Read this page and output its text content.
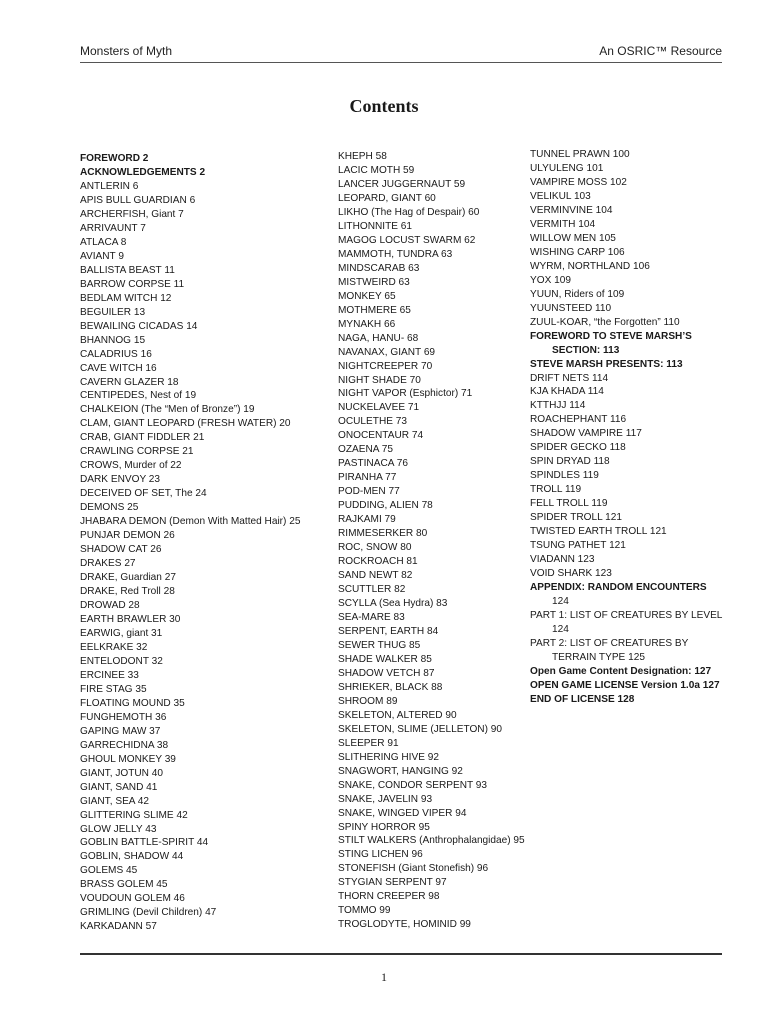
Monsters of Myth	An OSRIC™ Resource
Contents
FOREWORD 2
ACKNOWLEDGEMENTS 2
ANTLERIN 6
APIS BULL GUARDIAN 6
ARCHERFISH, Giant 7
ARRIVAUNT 7
ATLACA 8
AVIANT 9
BALLISTA BEAST 11
BARROW CORPSE 11
BEDLAM WITCH 12
BEGUILER 13
BEWAILING CICADAS 14
BHANNOG 15
CALADRIUS 16
CAVE WITCH 16
CAVERN GLAZER 18
CENTIPEDES, Nest of 19
CHALKEION (The “Men of Bronze”) 19
CLAM, GIANT LEOPARD (FRESH WATER) 20
CRAB, GIANT FIDDLER 21
CRAWLING CORPSE 21
CROWS, Murder of 22
DARK ENVOY 23
DECEIVED OF SET, The 24
DEMONS 25
JHABARA DEMON (Demon With Matted Hair) 25
PUNJAR DEMON 26
SHADOW CAT 26
DRAKES 27
DRAKE, Guardian 27
DRAKE, Red Troll 28
DROWAD 28
EARTH BRAWLER 30
EARWIG, giant 31
EELKRAKE 32
ENTELODONT 32
ERCINEE 33
FIRE STAG 35
FLOATING MOUND 35
FUNGHEMOTH 36
GAPING MAW 37
GARRECHIDNA 38
GHOUL MONKEY 39
GIANT, JOTUN 40
GIANT, SAND 41
GIANT, SEA 42
GLITTERING SLIME 42
GLOW JELLY 43
GOBLIN BATTLE-SPIRIT 44
GOBLIN, SHADOW 44
GOLEMS 45
BRASS GOLEM 45
VOUDOUN GOLEM 46
GRIMLING (Devil Children) 47
KARKADANN 57
KHEPH 58
LACIC MOTH 59
LANCER JUGGERNAUT 59
LEOPARD, GIANT 60
LIKHO (The Hag of Despair) 60
LITHONNITE 61
MAGOG LOCUST SWARM 62
MAMMOTH, TUNDRA 63
MINDSCARAB 63
MISTWEIRD 63
MONKEY 65
MOTHMERE 65
MYNAKH 66
NAGA, HANU- 68
NAVANAX, GIANT 69
NIGHTCREEPER 70
NIGHT SHADE 70
NIGHT VAPOR (Esphictor) 71
NUCKELAVEE 71
OCULETHE 73
ONOCENTAUR 74
OZAENA 75
PASTINACA 76
PIRANHA 77
POD-MEN 77
PUDDING, ALIEN 78
RAJKAMI 79
RIMMESERKER 80
ROC, SNOW 80
ROCKROACH 81
SAND NEWT 82
SCUTTLER 82
SCYLLA (Sea Hydra) 83
SEA-MARE 83
SERPENT, EARTH 84
SEWER THUG 85
SHADE WALKER 85
SHADOW VETCH 87
SHRIEKER, BLACK 88
SHROOM 89
SKELETON, ALTERED 90
SKELETON, SLIME (JELLETON) 90
SLEEPER 91
SLITHERING HIVE 92
SNAGWORT, HANGING 92
SNAKE, CONDOR SERPENT 93
SNAKE, JAVELIN 93
SNAKE, WINGED VIPER 94
SPINY HORROR 95
STILT WALKERS (Anthrophalangidae) 95
STING LICHEN 96
STONEFISH (Giant Stonefish) 96
STYGIAN SERPENT 97
THORN CREEPER 98
TOMMO 99
TROGLODYTE, HOMINID 99
TUNNEL PRAWN 100
ULYULENG 101
VAMPIRE MOSS 102
VELIKUL 103
VERMINVINE 104
VERMITH 104
WILLOW MEN 105
WISHING CARP 106
WYRM, NORTHLAND 106
YOX 109
YUUN, Riders of 109
YUUNSTEED 110
ZUUL-KOAR, “the Forgotten” 110
FOREWORD TO STEVE MARSH’S
SECTION: 113
STEVE MARSH PRESENTS: 113
DRIFT NETS 114
KJA KHADA 114
KTTHJJ 114
ROACHEPHANT 116
SHADOW VAMPIRE 117
SPIDER GECKO 118
SPIN DRYAD 118
SPINDLES 119
TROLL 119
FELL TROLL 119
SPIDER TROLL 121
TWISTED EARTH TROLL 121
TSUNG PATHET 121
VIADANN 123
VOID SHARK 123
APPENDIX: RANDOM ENCOUNTERS
124
PART 1: LIST OF CREATURES BY LEVEL
124
PART 2: LIST OF CREATURES BY
TERRAIN TYPE 125
Open Game Content Designation: 127
OPEN GAME LICENSE Version 1.0a 127
END OF LICENSE 128
1
